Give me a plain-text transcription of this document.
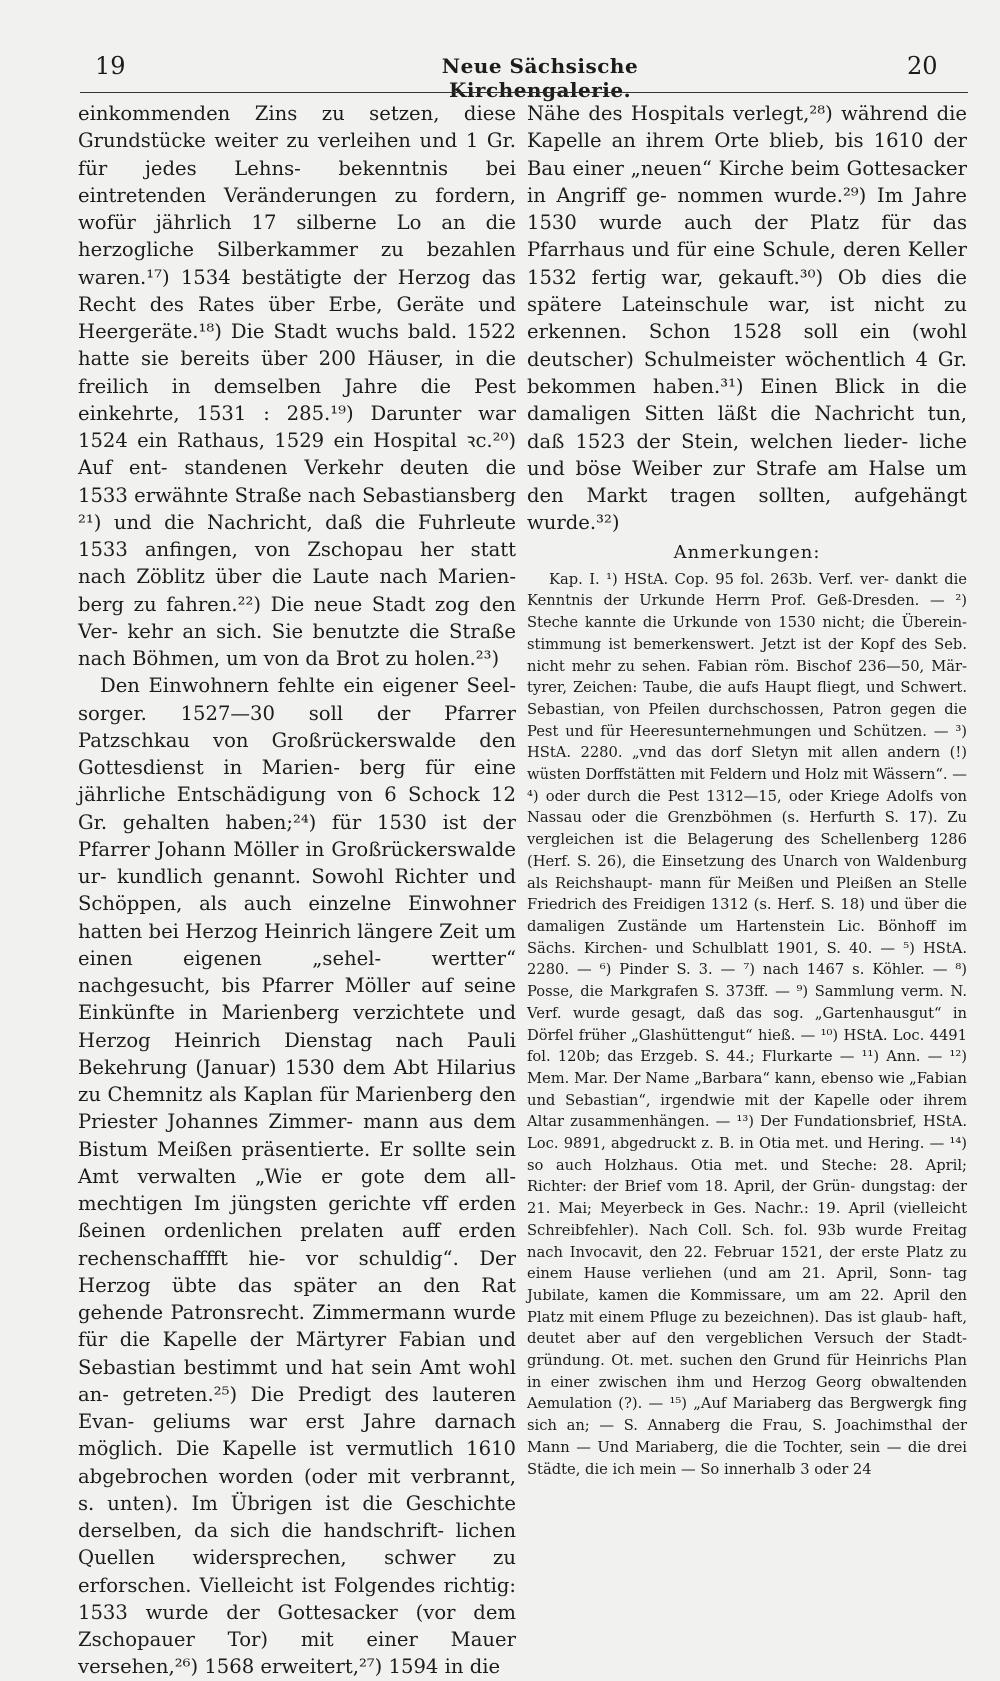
19	Neue Sächsische Kirchengalerie.
20

einkommenden Zins zu setzen, diese Grundstücke weiter zu verleihen und 1 Gr. für jedes Lehns- bekenntnis bei eintretenden Veränderungen zu fordern, wofür jährlich 17 silberne Lo an die herzogliche Silberkammer zu bezahlen waren.¹⁷) 1534 bestätigte der Herzog das Recht des Rates über Erbe, Geräte und Heergeräte.¹⁸) Die Stadt wuchs bald. 1522 hatte sie bereits über 200 Häuser, in die freilich in demselben Jahre die Pest einkehrte, 1531 : 285.¹⁹) Darunter war 1524 ein Rathaus, 1529 ein Hospital ꝛc.²⁰) Auf ent- standenen Verkehr deuten die 1533 erwähnte Straße nach Sebastiansberg ²¹) und die Nachricht, daß die Fuhrleute 1533 anfingen, von Zschopau her statt nach Zöblitz über die Laute nach Marien- berg zu fahren.²²) Die neue Stadt zog den Ver- kehr an sich. Sie benutzte die Straße nach Böhmen, um von da Brot zu holen.²³)

Den Einwohnern fehlte ein eigener Seel- sorger. 1527—30 soll der Pfarrer Patzschkau von Großrückerswalde den Gottesdienst in Marien- berg für eine jährliche Entschädigung von 6 Schock 12 Gr. gehalten haben;²⁴) für 1530 ist der Pfarrer Johann Möller in Großrückerswalde ur- kundlich genannt. Sowohl Richter und Schöppen, als auch einzelne Einwohner hatten bei Herzog Heinrich längere Zeit um einen eigenen „sehel- wertter“ nachgesucht, bis Pfarrer Möller auf seine Einkünfte in Marienberg verzichtete und Herzog Heinrich Dienstag nach Pauli Bekehrung (Januar) 1530 dem Abt Hilarius zu Chemnitz als Kaplan für Marienberg den Priester Johannes Zimmer- mann aus dem Bistum Meißen präsentierte. Er sollte sein Amt verwalten „Wie er gote dem all- mechtigen Im jüngsten gerichte vff erden ßeinen ordenlichen prelaten auff erden rechenschafffft hie- vor schuldig“. Der Herzog übte das später an den Rat gehende Patronsrecht. Zimmermann wurde für die Kapelle der Märtyrer Fabian und Sebastian bestimmt und hat sein Amt wohl an- getreten.²⁵) Die Predigt des lauteren Evan- geliums war erst Jahre darnach möglich. Die Kapelle ist vermutlich 1610 abgebrochen worden (oder mit verbrannt, s. unten). Im Übrigen ist die Geschichte derselben, da sich die handschrift- lichen Quellen widersprechen, schwer zu erforschen. Vielleicht ist Folgendes richtig: 1533 wurde der Gottesacker (vor dem Zschopauer Tor) mit einer Mauer versehen,²⁶) 1568 erweitert,²⁷) 1594 in die

Nähe des Hospitals verlegt,²⁸) während die Kapelle an ihrem Orte blieb, bis 1610 der Bau einer „neuen“ Kirche beim Gottesacker in Angriff ge- nommen wurde.²⁹) Im Jahre 1530 wurde auch der Platz für das Pfarrhaus und für eine Schule, deren Keller 1532 fertig war, gekauft.³⁰) Ob dies die spätere Lateinschule war, ist nicht zu erkennen. Schon 1528 soll ein (wohl deutscher) Schulmeister wöchentlich 4 Gr. bekommen haben.³¹) Einen Blick in die damaligen Sitten läßt die Nachricht tun, daß 1523 der Stein, welchen lieder- liche und böse Weiber zur Strafe am Halse um den Markt tragen sollten, aufgehängt wurde.³²)

Anmerkungen:

Kap. I. ¹) HStA. Cop. 95 fol. 263b. Verf. ver- dankt die Kenntnis der Urkunde Herrn Prof. Geß-Dresden. — ²) Steche kannte die Urkunde von 1530 nicht; die Überein- stimmung ist bemerkenswert. Jetzt ist der Kopf des Seb. nicht mehr zu sehen. Fabian röm. Bischof 236—50, Mär- tyrer, Zeichen: Taube, die aufs Haupt fliegt, und Schwert. Sebastian, von Pfeilen durchschossen, Patron gegen die Pest und für Heeresunternehmungen und Schützen. — ³) HStA. 2280. „vnd das dorf Sletyn mit allen andern (!) wüsten Dorffstätten mit Feldern und Holz mit Wässern“. — ⁴) oder durch die Pest 1312—15, oder Kriege Adolfs von Nassau oder die Grenzböhmen (s. Herfurth S. 17). Zu vergleichen ist die Belagerung des Schellenberg 1286 (Herf. S. 26), die Einsetzung des Unarch von Waldenburg als Reichshaupt- mann für Meißen und Pleißen an Stelle Friedrich des Freidigen 1312 (s. Herf. S. 18) und über die damaligen Zustände um Hartenstein Lic. Bönhoff im Sächs. Kirchen- und Schulblatt 1901, S. 40. — ⁵) HStA. 2280. — ⁶) Pinder S. 3. — ⁷) nach 1467 s. Köhler. — ⁸) Posse, die Markgrafen S. 373ff. — ⁹) Sammlung verm. N. Verf. wurde gesagt, daß das sog. „Gartenhausgut“ in Dörfel früher „Glashüttengut“ hieß. — ¹⁰) HStA. Loc. 4491 fol. 120b; das Erzgeb. S. 44.; Flurkarte — ¹¹) Ann. — ¹²) Mem. Mar. Der Name „Barbara“ kann, ebenso wie „Fabian und Sebastian“, irgendwie mit der Kapelle oder ihrem Altar zusammenhängen. — ¹³) Der Fundationsbrief, HStA. Loc. 9891, abgedruckt z. B. in Otia met. und Hering. — ¹⁴) so auch Holzhaus. Otia met. und Steche: 28. April; Richter: der Brief vom 18. April, der Grün- dungstag: der 21. Mai; Meyerbeck in Ges. Nachr.: 19. April (vielleicht Schreibfehler). Nach Coll. Sch. fol. 93b wurde Freitag nach Invocavit, den 22. Februar 1521, der erste Platz zu einem Hause verliehen (und am 21. April, Sonn- tag Jubilate, kamen die Kommissare, um am 22. April den Platz mit einem Pfluge zu bezeichnen). Das ist glaub- haft, deutet aber auf den vergeblichen Versuch der Stadt- gründung. Ot. met. suchen den Grund für Heinrichs Plan in einer zwischen ihm und Herzog Georg obwaltenden Aemulation (?). — ¹⁵) „Auf Mariaberg das Bergwergk fing sich an; — S. Annaberg die Frau, S. Joachimsthal der Mann — Und Mariaberg, die die Tochter, sein — die drei Städte, die ich mein — So innerhalb 3 oder 24
